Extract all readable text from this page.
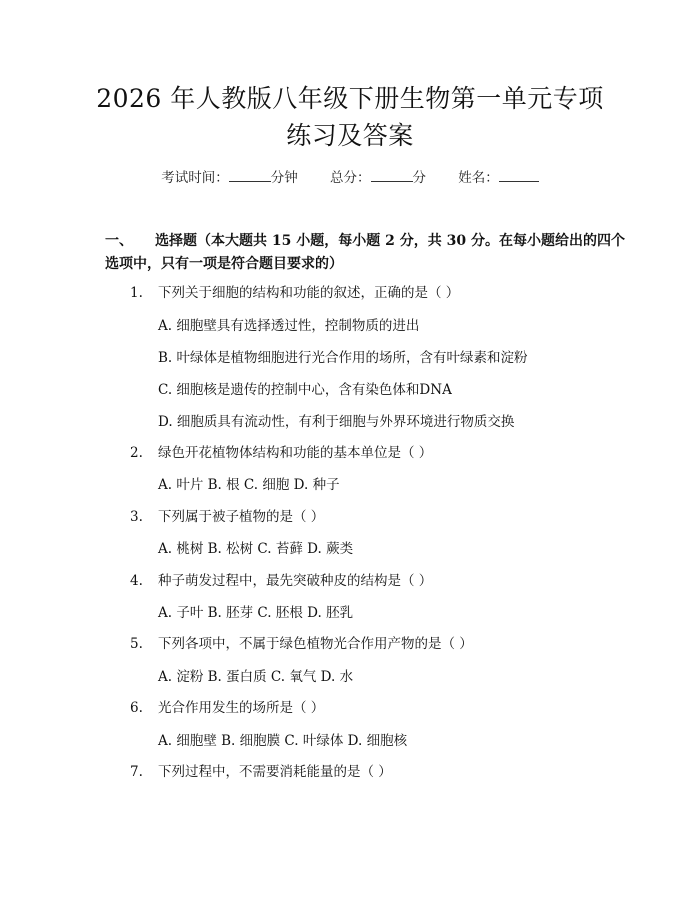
2026 年人教版八年级下册生物第一单元专项
练习及答案
考试时间：	分钟 总分：	分 姓名：
一、 选择题（本大题共 15 小题，每小题 2 分，共 30 分。在每小题给出的四个选项中，只有一项是符合题目要求的）
1. 下列关于细胞的结构和功能的叙述，正确的是（ ）
A. 细胞壁具有选择透过性，控制物质的进出
B. 叶绿体是植物细胞进行光合作用的场所，含有叶绿素和淀粉
C. 细胞核是遗传的控制中心，含有染色体和DNA
D. 细胞质具有流动性，有利于细胞与外界环境进行物质交换
2. 绿色开花植物体结构和功能的基本单位是（ ）
A. 叶片 B. 根 C. 细胞 D. 种子
3. 下列属于被子植物的是（ ）
A. 桃树 B. 松树 C. 苔藓 D. 蕨类
4. 种子萌发过程中，最先突破种皮的结构是（ ）
A. 子叶 B. 胚芽 C. 胚根 D. 胚乳
5. 下列各项中，不属于绿色植物光合作用产物的是（ ）
A. 淀粉 B. 蛋白质 C. 氧气 D. 水
6. 光合作用发生的场所是（ ）
A. 细胞壁 B. 细胞膜 C. 叶绿体 D. 细胞核
7. 下列过程中，不需要消耗能量的是（ ）
